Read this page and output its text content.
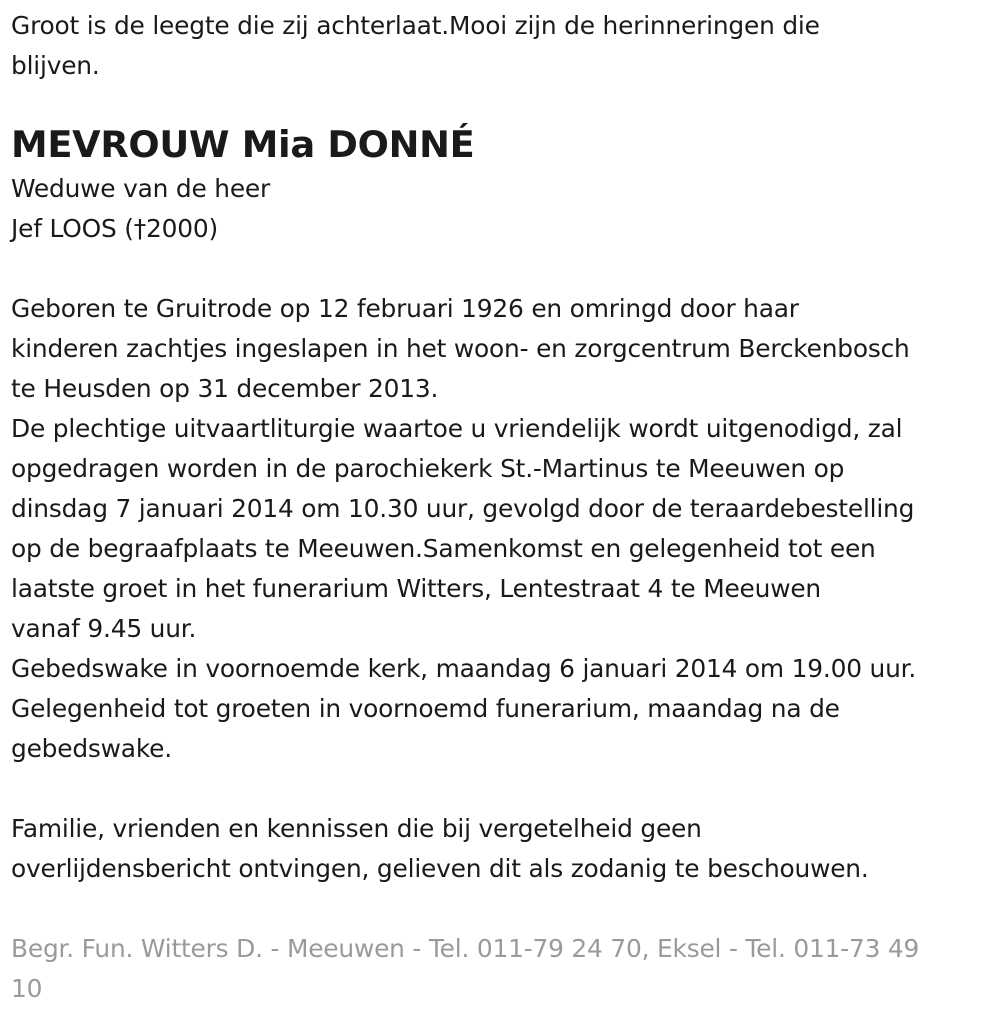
Groot is de leegte die zij achterlaat.Mooi zijn de herinneringen die
blijven.
MEVROUW Mia DONNÉ
Weduwe van de heer
Jef LOOS (†2000)
Geboren te Gruitrode op 12 februari 1926 en omringd door haar
kinderen zachtjes ingeslapen in het woon- en zorgcentrum Berckenbosch
te Heusden op 31 december 2013.
De plechtige uitvaartliturgie waartoe u vriendelijk wordt uitgenodigd, zal
opgedragen worden in de parochiekerk St.-Martinus te Meeuwen op
dinsdag 7 januari 2014 om 10.30 uur, gevolgd door de teraardebestelling
op de begraafplaats te Meeuwen.Samenkomst en gelegenheid tot een
laatste groet in het funerarium Witters, Lentestraat 4 te Meeuwen
vanaf 9.45 uur.
Gebedswake in voornoemde kerk, maandag 6 januari 2014 om 19.00 uur.
Gelegenheid tot groeten in voornoemd funerarium, maandag na de
gebedswake.
Familie, vrienden en kennissen die bij vergetelheid geen
overlijdensbericht ontvingen, gelieven dit als zodanig te beschouwen.
Begr. Fun. Witters D. - Meeuwen - Tel. 011-79 24 70, Eksel - Tel. 011-73 49
10
